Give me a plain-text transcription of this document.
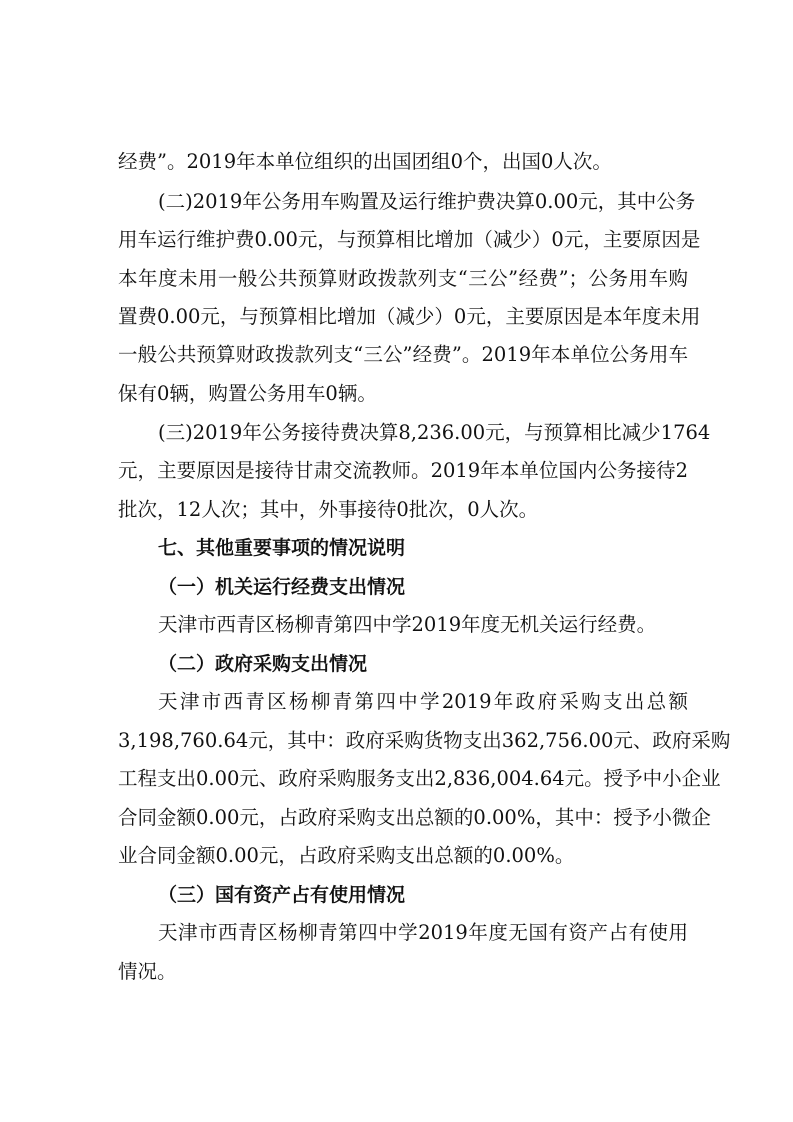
经费”。2019年本单位组织的出国团组0个，出国0人次。
(二)2019年公务用车购置及运行维护费决算0.00元，其中公务
用车运行维护费0.00元，与预算相比增加（减少）0元，主要原因是
本年度未用一般公共预算财政拨款列支“三公”经费”；公务用车购
置费0.00元，与预算相比增加（减少）0元，主要原因是本年度未用
一般公共预算财政拨款列支“三公”经费”。2019年本单位公务用车
保有0辆，购置公务用车0辆。
(三)2019年公务接待费决算8,236.00元，与预算相比减少1764
元，主要原因是接待甘肃交流教师。2019年本单位国内公务接待2
批次，12人次；其中，外事接待0批次，0人次。
七、其他重要事项的情况说明
（一）机关运行经费支出情况
天津市西青区杨柳青第四中学2019年度无机关运行经费。
（二）政府采购支出情况
天津市西青区杨柳青第四中学2019年政府采购支出总额
3,198,760.64元，其中：政府采购货物支出362,756.00元、政府采购
工程支出0.00元、政府采购服务支出2,836,004.64元。授予中小企业
合同金额0.00元，占政府采购支出总额的0.00%，其中：授予小微企
业合同金额0.00元，占政府采购支出总额的0.00%。
（三）国有资产占有使用情况
天津市西青区杨柳青第四中学2019年度无国有资产占有使用
情况。
